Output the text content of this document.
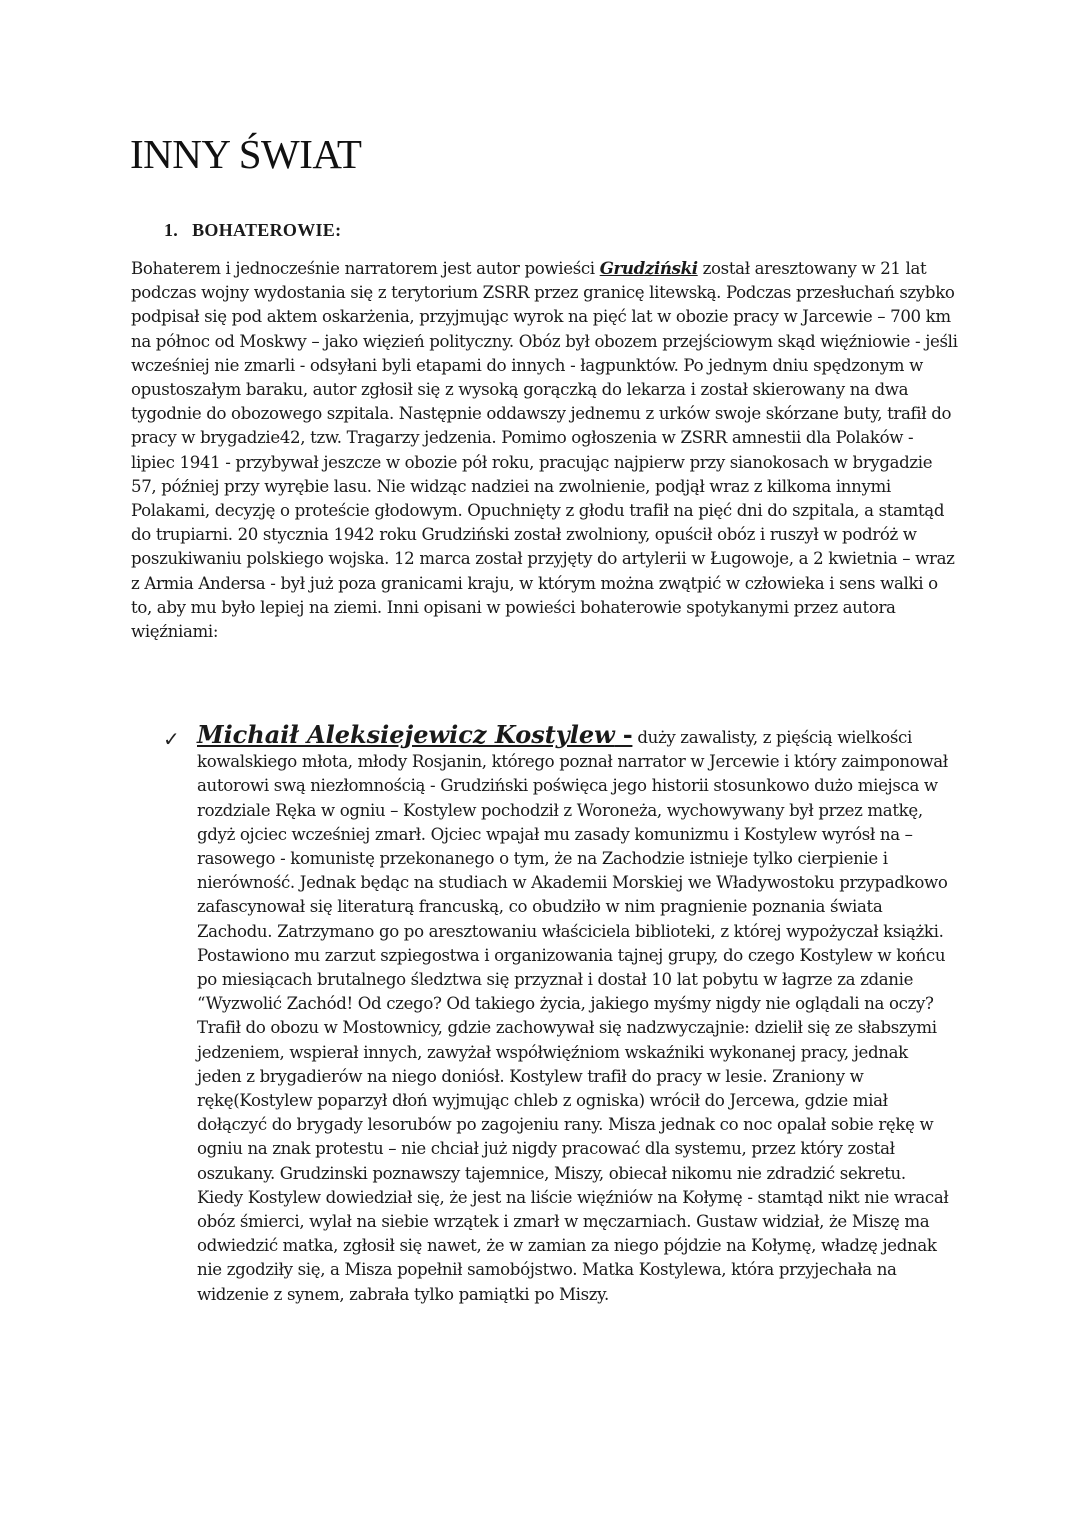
INNY ŚWIAT
1. BOHATEROWIE:

Bohaterem i jednocześnie narratorem jest autor powieści Grudziński został aresztowany w 21 lat podczas wojny wydostania się z terytorium ZSRR przez granicę litewską. Podczas przesłuchań szybko podpisał się pod aktem oskarżenia, przyjmując wyrok na pięć lat w obozie pracy w Jarcewie – 700 km na północ od Moskwy – jako więzień polityczny. Obóz był obozem przejściowym skąd więźniowie - jeśli wcześniej nie zmarli - odsyłani byli etapami do innych - łagpunktów. Po jednym dniu spędzonym w opustoszałym baraku, autor zgłosił się z wysoką gorączką do lekarza i został skierowany na dwa tygodnie do obozowego szpitala. Następnie oddawszy jednemu z urków swoje skórzane buty, trafił do pracy w brygadzie42, tzw. Tragarzy jedzenia. Pomimo ogłoszenia w ZSRR amnestii dla Polaków - lipiec 1941 - przybywał jeszcze w obozie pół roku, pracując najpierw przy sianokosach w brygadzie 57, później przy wyrębie lasu. Nie widząc nadziei na zwolnienie, podjął wraz z kilkoma innymi Polakami, decyzję o proteście głodowym. Opuchnięty z głodu trafił na pięć dni do szpitala, a stamtąd do trupiarni. 20 stycznia 1942 roku Grudziński został zwolniony, opuścił obóz i ruszył w podróż w poszukiwaniu polskiego wojska. 12 marca został przyjęty do artylerii w Ługowoje, a 2 kwietnia – wraz z Armia Andersa - był już poza granicami kraju, w którym można zwątpić w człowieka i sens walki o to, aby mu było lepiej na ziemi. Inni opisani w powieści bohaterowie spotykanymi przez autora więźniami:

✓ Michaił Aleksiejewicz Kostylew - duży zawalisty, z pięścią wielkości kowalskiego młota, młody Rosjanin, którego poznał narrator w Jercewie i który zaimponował autorowi swą niezłomnością - Grudziński poświęca jego historii stosunkowo dużo miejsca w rozdziale Ręka w ogniu – Kostylew pochodził z Woroneża, wychowywany był przez matkę, gdyż ojciec wcześniej zmarł. Ojciec wpajał mu zasady komunizmu i Kostylew wyrósł na – rasowego - komunistę przekonanego o tym, że na Zachodzie istnieje tylko cierpienie i nierówność. Jednak będąc na studiach w Akademii Morskiej we Władywostoku przypadkowo zafascynował się literaturą francuską, co obudziło w nim pragnienie poznania świata Zachodu. Zatrzymano go po aresztowaniu właściciela biblioteki, z której wypożyczał książki. Postawiono mu zarzut szpiegostwa i organizowania tajnej grupy, do czego Kostylew w końcu po miesiącach brutalnego śledztwa się przyznał i dostał 10 lat pobytu w łagrze za zdanie “Wyzwolić Zachód! Od czego? Od takiego życia, jakiego myśmy nigdy nie oglądali na oczy? Trafił do obozu w Mostownicy, gdzie zachowywał się nadzwyczajnie: dzielił się ze słabszymi jedzeniem, wspierał innych, zawyżał współwięźniom wskaźniki wykonanej pracy, jednak jeden z brygadierów na niego doniósł. Kostylew trafił do pracy w lesie. Zraniony w rękę(Kostylew poparzył dłoń wyjmując chleb z ogniska) wrócił do Jercewa, gdzie miał dołączyć do brygady lesorubów po zagojeniu rany. Misza jednak co noc opalał sobie rękę w ogniu na znak protestu – nie chciał już nigdy pracować dla systemu, przez który został oszukany. Grudzinski poznawszy tajemnice, Miszy, obiecał nikomu nie zdradzić sekretu. Kiedy Kostylew dowiedział się, że jest na liście więźniów na Kołymę - stamtąd nikt nie wracał obóz śmierci, wylał na siebie wrzątek i zmarł w męczarniach. Gustaw widział, że Miszę ma odwiedzić matka, zgłosił się nawet, że w zamian za niego pójdzie na Kołymę, władzę jednak nie zgodziły się, a Misza popełnił samobójstwo. Matka Kostylewa, która przyjechała na widzenie z synem, zabrała tylko pamiątki po Miszy.
